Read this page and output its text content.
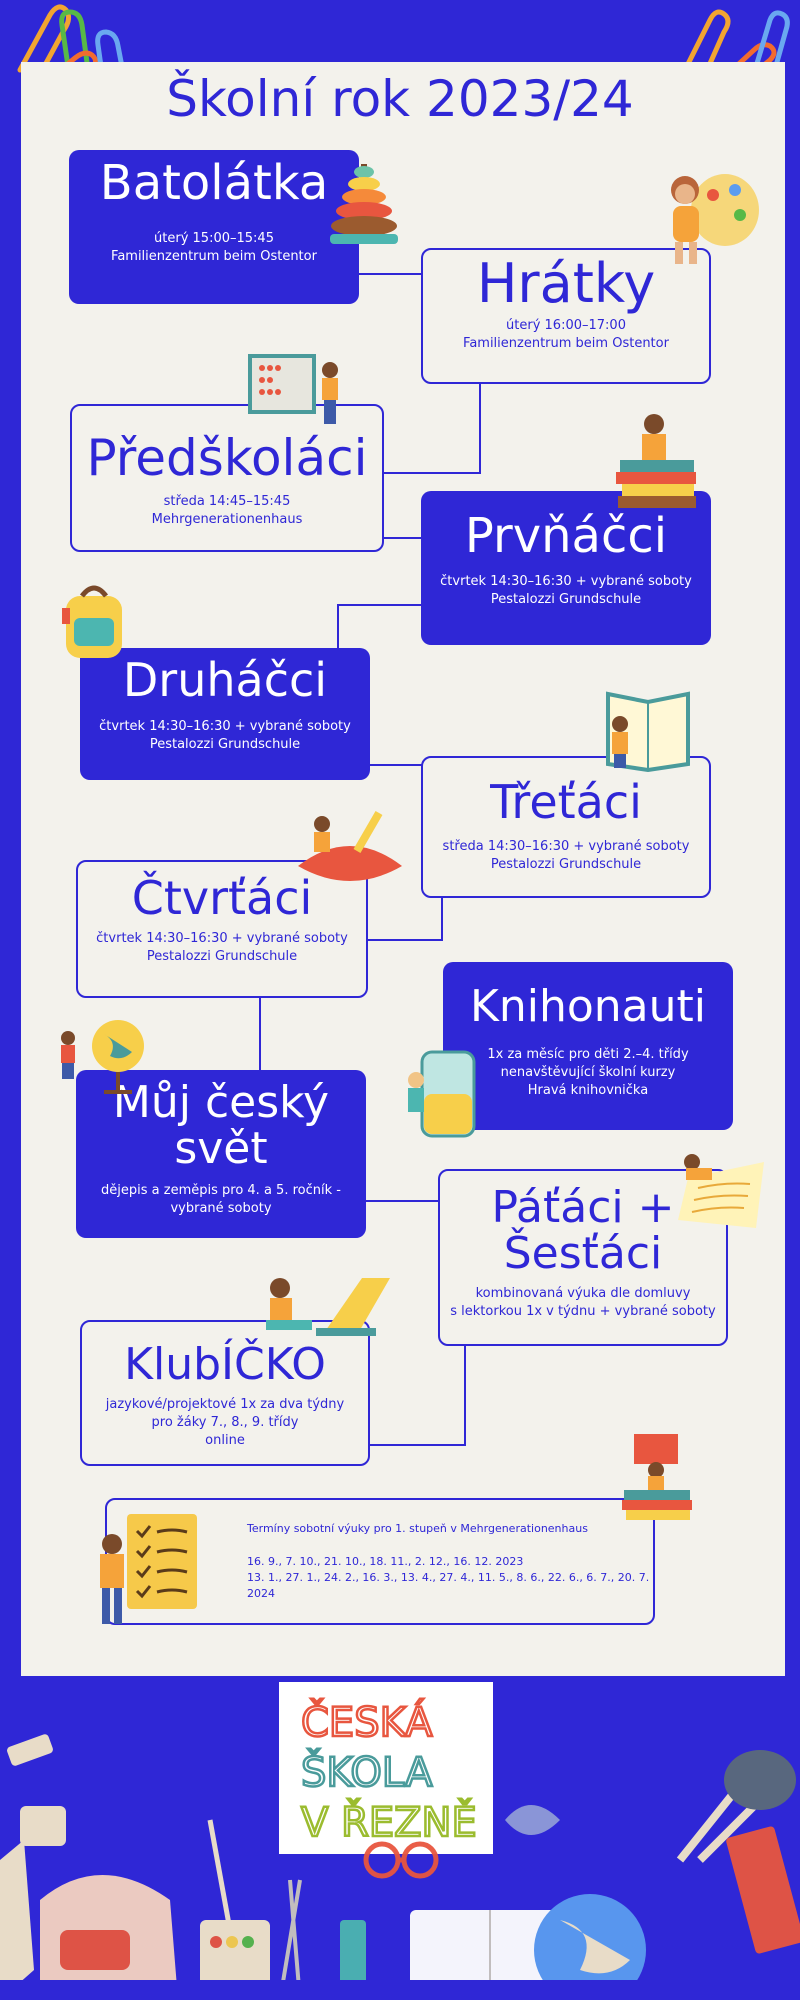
Školní rok 2023/24
Batolátka
úterý 15:00–15:45
Familienzentrum beim Ostentor	Hrátky
úterý 16:00–17:00
Familienzentrum beim Ostentor
Předškoláci
středa 14:45–15:45
Mehrgenerationenhaus	Prvňáčci
čtvrtek 14:30–16:30 + vybrané soboty
Pestalozzi Grundschule
Druháčci
čtvrtek 14:30–16:30 + vybrané soboty
Pestalozzi Grundschule
Třeťáci
středa 14:30–16:30 + vybrané soboty
Pestalozzi Grundschule
Čtvrťáci
čtvrtek 14:30–16:30 + vybrané soboty
Pestalozzi Grundschule
Knihonauti
1x za měsíc pro děti 2.–4. třídy
nenavštěvující školní kurzy
Hravá knihovnička
Můj český
svět
dějepis a zeměpis pro 4. a 5. ročník -
vybrané soboty	Páťáci +
Šesťáci
kombinovaná výuka dle domluvy
s lektorkou 1x v týdnu + vybrané soboty
KlubÍČKO
jazykové/projektové 1x za dva týdny
pro žáky 7., 8., 9. třídy
online
Termíny sobotní výuky pro 1. stupeň v Mehrgenerationenhaus
16. 9., 7. 10., 21. 10., 18. 11., 2. 12., 16. 12. 2023
13. 1., 27. 1., 24. 2., 16. 3., 13. 4., 27. 4., 11. 5., 8. 6., 22. 6., 6. 7., 20. 7. 2024
ČESKÁ
ŠKOLA
V ŘEZNĚ
